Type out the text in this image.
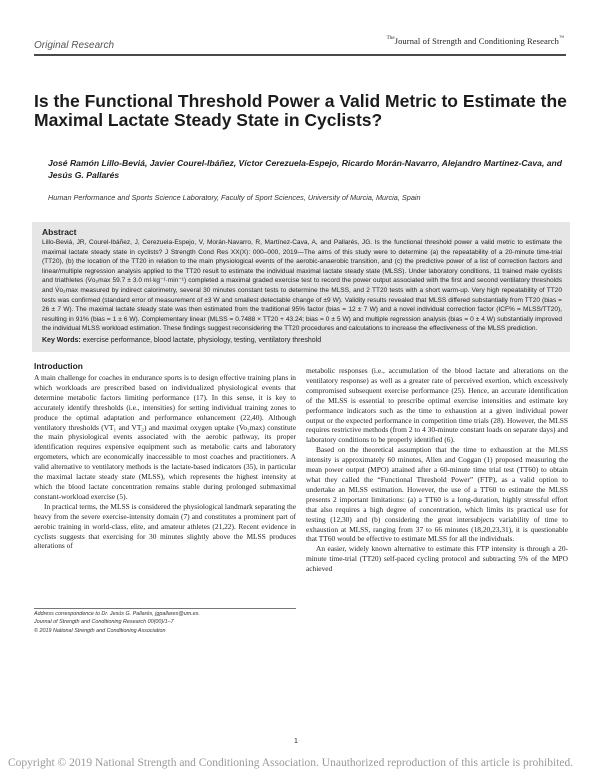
Original Research
$^{The}$Journal of Strength and Conditioning Research™
Is the Functional Threshold Power a Valid Metric to Estimate the Maximal Lactate Steady State in Cyclists?
José Ramón Lillo-Beviá, Javier Courel-Ibáñez, Víctor Cerezuela-Espejo, Ricardo Morán-Navarro, Alejandro Martínez-Cava, and Jesús G. Pallarés
Human Performance and Sports Science Laboratory, Faculty of Sport Sciences, University of Murcia, Murcia, Spain
Abstract
Lillo-Beviá, JR, Courel-Ibáñez, J, Cerezuela-Espejo, V, Morán-Navarro, R, Martínez-Cava, A, and Pallarés, JG. Is the functional threshold power a valid metric to estimate the maximal lactate steady state in cyclists? J Strength Cond Res XX(X): 000–000, 2019—The aims of this study were to determine (a) the repeatability of a 20-minute time-trial (TT20), (b) the location of the TT20 in relation to the main physiological events of the aerobic-anaerobic transition, and (c) the predictive power of a list of correction factors and linear/multiple regression analysis applied to the TT20 result to estimate the individual maximal lactate steady state (MLSS). Under laboratory conditions, 11 trained male cyclists and triathletes (V̇o₂max 59.7 ± 3.0 ml·kg⁻¹·min⁻¹) completed a maximal graded exercise test to record the power output associated with the first and second ventilatory thresholds and V̇o₂max measured by indirect calorimetry, several 30 minutes constant tests to determine the MLSS, and 2 TT20 tests with a short warm-up. Very high repeatability of TT20 tests was confirmed (standard error of measurement of ±3 W and smallest detectable change of ±9 W). Validity results revealed that MLSS differed substantially from TT20 (bias = 26 ± 7 W). The maximal lactate steady state was then estimated from the traditional 95% factor (bias = 12 ± 7 W) and a novel individual correction factor (ICF% = MLSS/TT20), resulting in 91% (bias = 1 ± 6 W). Complementary linear (MLSS = 0.7488 × TT20 + 43.24; bias = 0 ± 5 W) and multiple regression analysis (bias = 0 ± 4 W) substantially improved the individual MLSS workload estimation. These findings suggest reconsidering the TT20 procedures and calculations to increase the effectiveness of the MLSS prediction.
Key Words: exercise performance, blood lactate, physiology, testing, ventilatory threshold
Introduction

A main challenge for coaches in endurance sports is to design effective training plans in which workloads are prescribed based on individualized physiological events that determine metabolic factors limiting performance (17). In this sense, it is key to accurately identify thresholds (i.e., intensities) for setting individual training zones to produce the optimal adaptation and performance enhancement (22,40). Although ventilatory thresholds (VT₁ and VT₂) and maximal oxygen uptake (V̇o₂max) constitute the main physiological events associated with the aerobic pathway, its proper identification requires expensive equipment such as metabolic carts and laboratory ergometers, which are economically inaccessible to most coaches and practitioners. A valid alternative to ventilatory methods is the lactate-based indicators (35), in particular the maximal lactate steady state (MLSS), which represents the highest intensity at which the blood lactate concentration remains stable during prolonged submaximal constant-workload exercise (5).

In practical terms, the MLSS is considered the physiological landmark separating the heavy from the severe exercise-intensity domain (7) and constitutes a prominent part of aerobic training in world-class, elite, and amateur athletes (21,22). Recent evidence in cyclists suggests that exercising for 30 minutes slightly above the MLSS produces alterations of

metabolic responses (i.e., accumulation of the blood lactate and alterations on the ventilatory response) as well as a greater rate of perceived exertion, which excessively compromised subsequent exercise performance (25). Hence, an accurate identification of the MLSS is essential to prescribe optimal exercise intensities and estimate key performance indicators such as the time to exhaustion at a given individual power output or the expected performance in competition time trials (28). However, the MLSS requires restrictive methods (from 2 to 4 30-minute constant loads on separate days) and laboratory conditions to be properly identified (6).

Based on the theoretical assumption that the time to exhaustion at the MLSS intensity is approximately 60 minutes, Allen and Coggan (1) proposed measuring the mean power output (MPO) attained after a 60-minute time trial test (TT60) to obtain what they called the “Functional Threshold Power” (FTP), as a valid option to undertake an MLSS estimation. However, the use of a TT60 to estimate the MLSS presents 2 important limitations: (a) a TT60 is a long-duration, highly stressful effort that also requires a high degree of concentration, which limits its practical use for testing (12,30) and (b) considering the great intersubjects variability of time to exhaustion at MLSS, ranging from 37 to 66 minutes (18,20,23,31), it is questionable that TT60 would be effective to estimate MLSS for all the individuals.

An easier, widely known alternative to estimate this FTP intensity is through a 20-minute time-trial (TT20) self-paced cycling protocol and subtracting 5% of the MPO achieved

Address correspondence to Dr. Jesús G. Pallarés, jgpallares@um.es.
Journal of Strength and Conditioning Research 00(00)/1–7
© 2019 National Strength and Conditioning Association
1
Copyright © 2019 National Strength and Conditioning Association. Unauthorized reproduction of this article is prohibited.
